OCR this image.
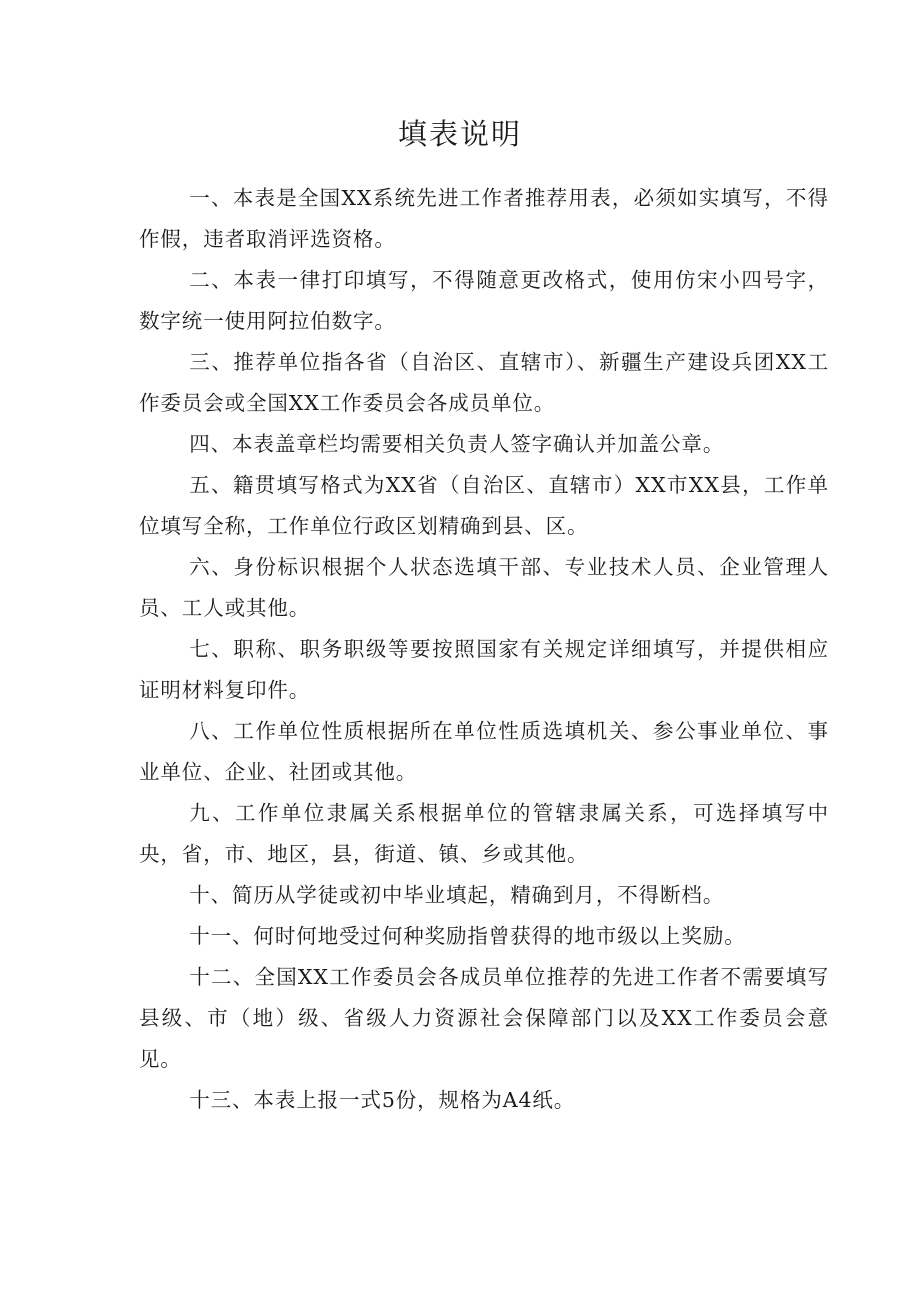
填表说明

一、本表是全国XX系统先进工作者推荐用表，必须如实填写，不得作假，违者取消评选资格。

二、本表一律打印填写，不得随意更改格式，使用仿宋小四号字，数字统一使用阿拉伯数字。

三、推荐单位指各省（自治区、直辖市）、新疆生产建设兵团XX工作委员会或全国XX工作委员会各成员单位。

四、本表盖章栏均需要相关负责人签字确认并加盖公章。

五、籍贯填写格式为XX省（自治区、直辖市）XX市XX县，工作单位填写全称，工作单位行政区划精确到县、区。

六、身份标识根据个人状态选填干部、专业技术人员、企业管理人员、工人或其他。

七、职称、职务职级等要按照国家有关规定详细填写，并提供相应证明材料复印件。

八、工作单位性质根据所在单位性质选填机关、参公事业单位、事业单位、企业、社团或其他。

九、工作单位隶属关系根据单位的管辖隶属关系，可选择填写中央，省，市、地区，县，街道、镇、乡或其他。

十、简历从学徒或初中毕业填起，精确到月，不得断档。

十一、何时何地受过何种奖励指曾获得的地市级以上奖励。

十二、全国XX工作委员会各成员单位推荐的先进工作者不需要填写县级、市（地）级、省级人力资源社会保障部门以及XX工作委员会意见。

十三、本表上报一式5份，规格为A4纸。
